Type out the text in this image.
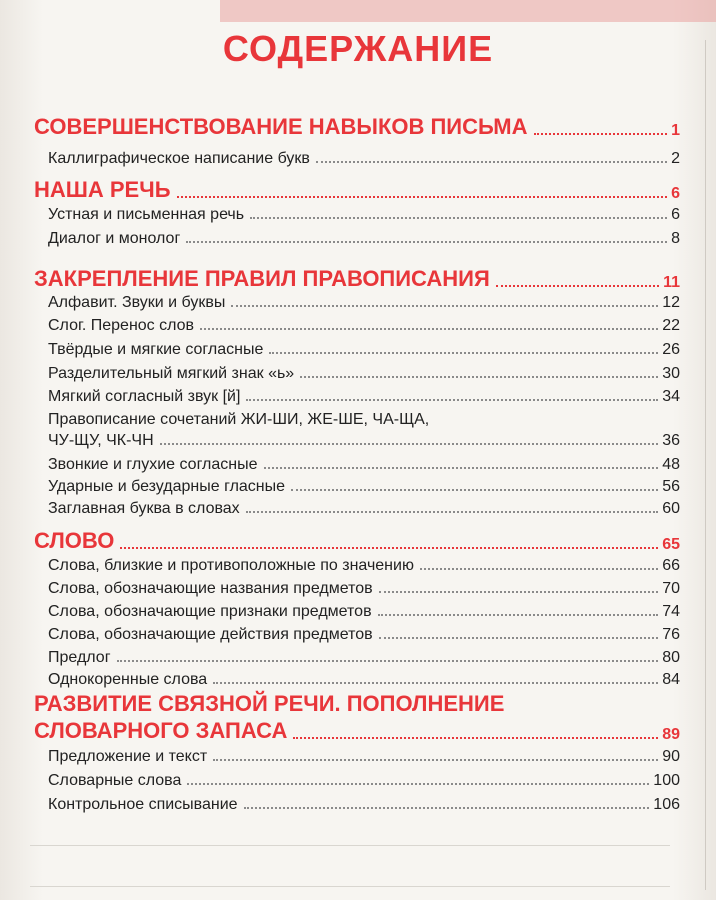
СОДЕРЖАНИЕ
СОВЕРШЕНСТВОВАНИЕ НАВЫКОВ ПИСЬМА	1
Каллиграфическое написание букв	2
НАША РЕЧЬ	6
Устная и письменная речь	6
Диалог и монолог	8
ЗАКРЕПЛЕНИЕ ПРАВИЛ ПРАВОПИСАНИЯ	11
Алфавит. Звуки и буквы	12
Слог. Перенос слов	22
Твёрдые и мягкие согласные	26
Разделительный мягкий знак «ь»	30
Мягкий согласный звук [й]	34
Правописание сочетаний ЖИ-ШИ, ЖЕ-ШЕ, ЧА-ЩА,
ЧУ-ЩУ, ЧК-ЧН	36
Звонкие и глухие согласные	48
Ударные и безударные гласные	56
Заглавная буква в словах	60
СЛОВО	65
Слова, близкие и противоположные по значению	66
Слова, обозначающие названия предметов	70
Слова, обозначающие признаки предметов	74
Слова, обозначающие действия предметов	76
Предлог	80
Однокоренные слова	84
РАЗВИТИЕ СВЯЗНОЙ РЕЧИ. ПОПОЛНЕНИЕ
СЛОВАРНОГО ЗАПАСА	89
Предложение и текст	90
Словарные слова	100
Контрольное списывание	106
